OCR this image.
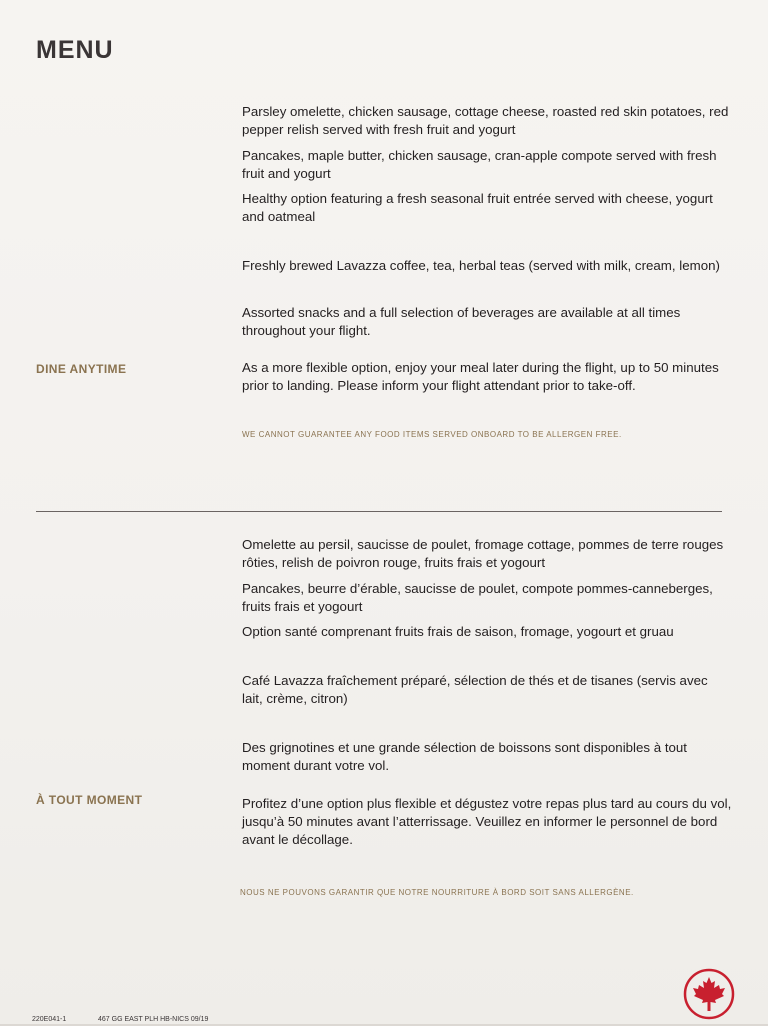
MENU
Parsley omelette, chicken sausage, cottage cheese, roasted red skin potatoes, red pepper relish served with fresh fruit and yogurt
Pancakes, maple butter, chicken sausage, cran-apple compote served with fresh fruit and yogurt
Healthy option featuring a fresh seasonal fruit entrée served with cheese, yogurt and oatmeal
Freshly brewed Lavazza coffee, tea, herbal teas (served with milk, cream, lemon)
Assorted snacks and a full selection of beverages are available at all times throughout your flight.
DINE ANYTIME	As a more flexible option, enjoy your meal later during the flight, up to 50 minutes prior to landing. Please inform your flight attendant prior to take-off.
WE CANNOT GUARANTEE ANY FOOD ITEMS SERVED ONBOARD TO BE ALLERGEN FREE.
Omelette au persil, saucisse de poulet, fromage cottage, pommes de terre rouges rôties, relish de poivron rouge, fruits frais et yogourt
Pancakes, beurre d’érable, saucisse de poulet, compote pommes-canneberges, fruits frais et yogourt
Option santé comprenant fruits frais de saison, fromage, yogourt et gruau
Café Lavazza fraîchement préparé, sélection de thés et de tisanes (servis avec lait, crème, citron)
Des grignotines et une grande sélection de boissons sont disponibles à tout moment durant votre vol.
À TOUT MOMENT	Profitez d’une option plus flexible et dégustez votre repas plus tard au cours du vol, jusqu’à 50 minutes avant l’atterrissage. Veuillez en informer le personnel de bord avant le décollage.
NOUS NE POUVONS GARANTIR QUE NOTRE NOURRITURE À BORD SOIT SANS ALLERGÈNE.
220E041-1	467 GG EAST PLH HB-NICS 09/19
